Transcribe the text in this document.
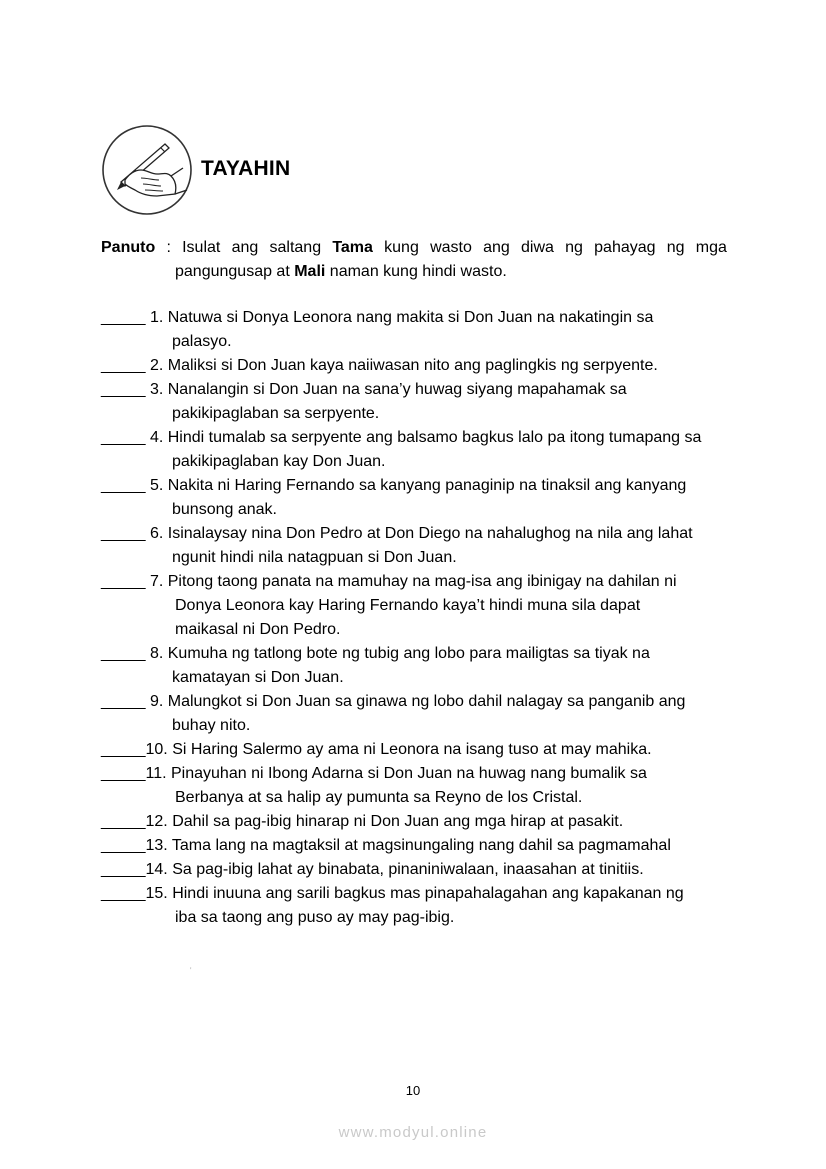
TAYAHIN
Panuto : Isulat ang saltang Tama kung wasto ang diwa ng pahayag ng mga
pangungusap at Mali naman kung hindi wasto.
_____ 1. Natuwa si Donya Leonora nang makita si Don Juan na nakatingin sa
palasyo.
_____ 2. Maliksi si Don Juan kaya naiiwasan nito ang paglingkis ng serpyente.
_____ 3. Nanalangin si Don Juan na sana’y huwag siyang mapahamak sa
pakikipaglaban sa serpyente.
_____ 4. Hindi tumalab sa serpyente ang balsamo bagkus lalo pa itong tumapang sa
pakikipaglaban kay Don Juan.
_____ 5. Nakita ni Haring Fernando sa kanyang panaginip na tinaksil ang kanyang
bunsong anak.
_____ 6. Isinalaysay nina Don Pedro at Don Diego na nahalughog na nila ang lahat
ngunit hindi nila natagpuan si Don Juan.
_____ 7. Pitong taong panata na mamuhay na mag-isa ang ibinigay na dahilan ni
Donya Leonora kay Haring Fernando kaya’t hindi muna sila dapat
maikasal ni Don Pedro.
_____ 8. Kumuha ng tatlong bote ng tubig ang lobo para mailigtas sa tiyak na
kamatayan si Don Juan.
_____ 9. Malungkot si Don Juan sa ginawa ng lobo dahil nalagay sa panganib ang
buhay nito.
_____10. Si Haring Salermo ay ama ni Leonora na isang tuso at may mahika.
_____11. Pinayuhan ni Ibong Adarna si Don Juan na huwag nang bumalik sa
Berbanya at sa halip ay pumunta sa Reyno de los Cristal.
_____12. Dahil sa pag-ibig hinarap ni Don Juan ang mga hirap at pasakit.
_____13. Tama lang na magtaksil at magsinungaling nang dahil sa pagmamahal
_____14. Sa pag-ibig lahat ay binabata, pinaniniwalaan, inaasahan at tinitiis.
_____15. Hindi inuuna ang sarili bagkus mas pinapahalagahan ang kapakanan ng
iba sa taong ang puso ay may pag-ibig.
ʼ
10
www.modyul.online
